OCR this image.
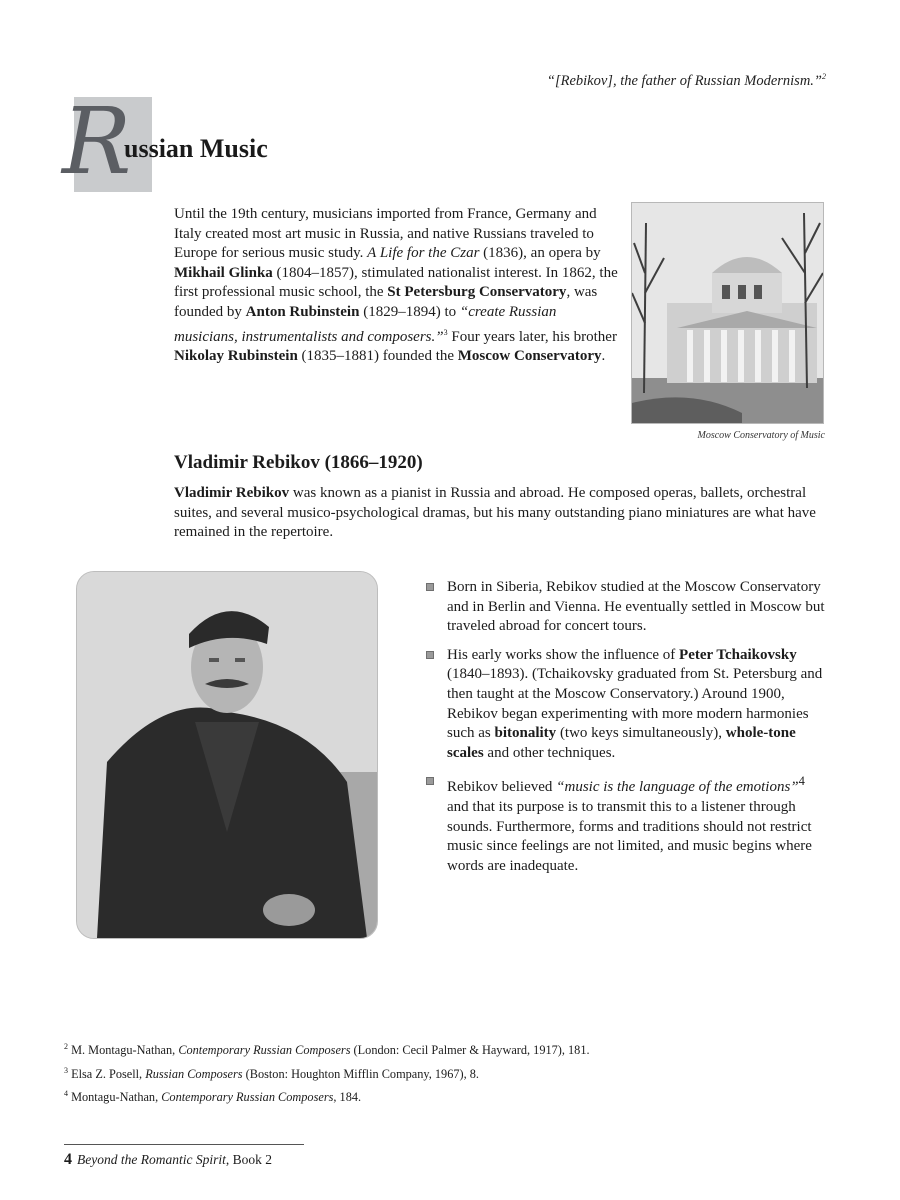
“[Rebikov], the father of Russian Modernism.”$^2$
R
ussian Music
Until the 19th century, musicians imported from France, Germany and Italy created most art music in Russia, and native Russians traveled to Europe for serious music study. A Life for the Czar (1836), an opera by Mikhail Glinka (1804–1857), stimulated nationalist interest. In 1862, the first professional music school, the St Petersburg Conservatory, was founded by Anton Rubinstein (1829–1894) to “create Russian musicians, instrumentalists and composers.”$^3$ Four years later, his brother Nikolay Rubinstein (1835–1881) founded the Moscow Conservatory.
Moscow Conservatory of Music
Vladimir Rebikov (1866–1920)
Vladimir Rebikov was known as a pianist in Russia and abroad. He composed operas, ballets, orchestral suites, and several musico-psychological dramas, but his many outstanding piano miniatures are what have remained in the repertoire.
Born in Siberia, Rebikov studied at the Moscow Conservatory and in Berlin and Vienna. He eventually settled in Moscow but traveled abroad for concert tours.
His early works show the influence of Peter Tchaikovsky (1840–1893). (Tchaikovsky graduated from St. Petersburg and then taught at the Moscow Conservatory.) Around 1900, Rebikov began experimenting with more modern harmonies such as bitonality (two keys simultaneously), whole-tone scales and other techniques.
Rebikov believed “music is the language of the emotions”$^4$ and that its purpose is to transmit this to a listener through sounds. Furthermore, forms and traditions should not restrict music since feelings are not limited, and music begins where words are inadequate.
$^2$ M. Montagu-Nathan, Contemporary Russian Composers (London: Cecil Palmer & Hayward, 1917), 181.
$^3$ Elsa Z. Posell, Russian Composers (Boston: Houghton Mifflin Company, 1967), 8.
$^4$ Montagu-Nathan, Contemporary Russian Composers, 184.
4 Beyond the Romantic Spirit, Book 2
